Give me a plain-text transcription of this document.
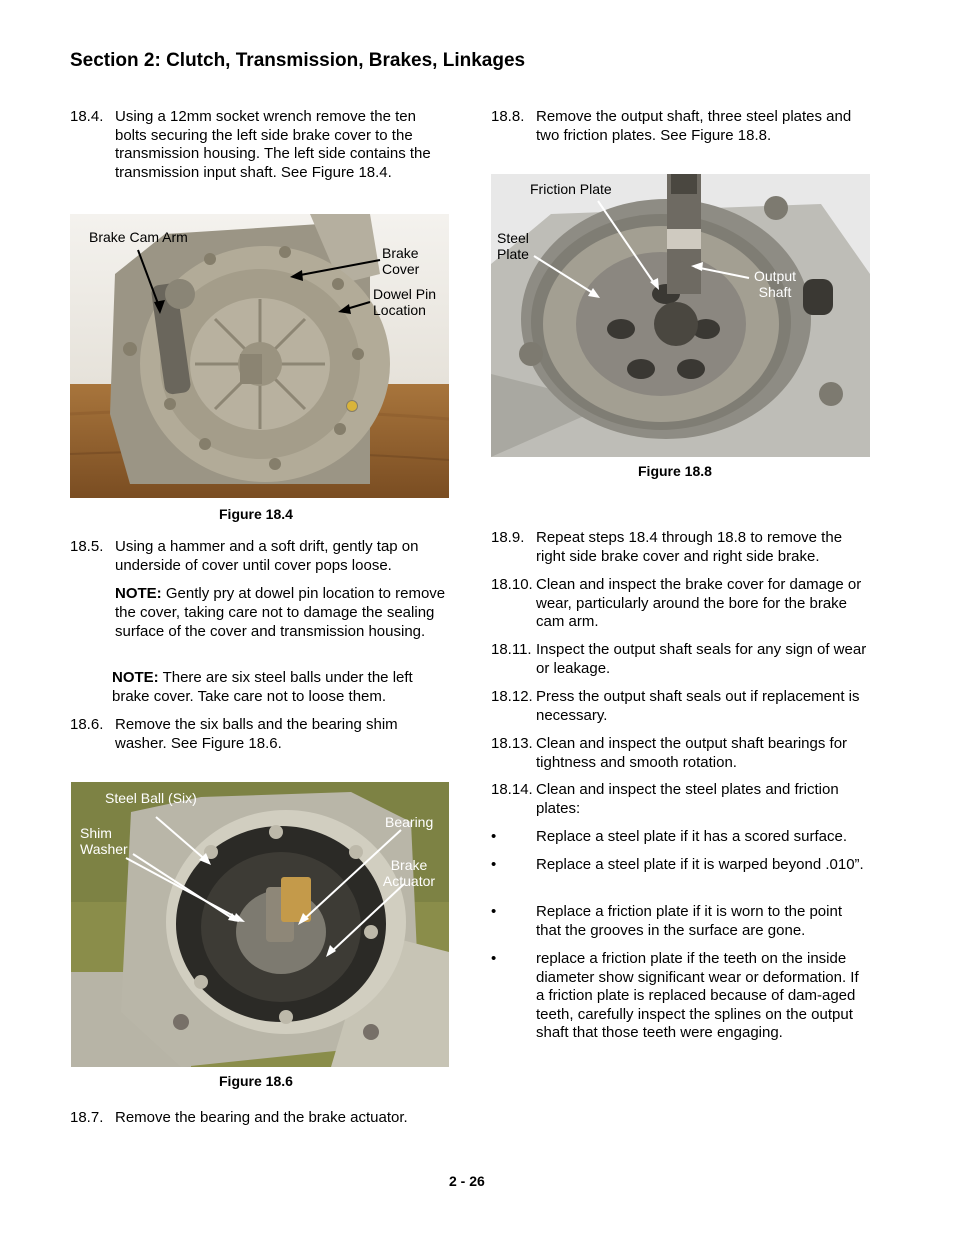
Section 2: Clutch, Transmission, Brakes, Linkages
18.4. Using a 12mm socket wrench remove the ten bolts securing the left side brake cover to the transmission housing. The left side contains the transmission input shaft. See Figure 18.4.
Brake Cam Arm
Brake Cover
Dowel Pin Location
Figure 18.4
18.5. Using a hammer and a soft drift, gently tap on underside of cover until cover pops loose.
NOTE: Gently pry at dowel pin location to remove the cover, taking care not to damage the sealing surface of the cover and transmission housing.
NOTE: There are six steel balls under the left brake cover. Take care not to loose them.
18.6. Remove the six balls and the bearing shim washer. See Figure 18.6.
Steel Ball (Six)
Shim Washer
Bearing
Brake Actuator
Figure 18.6
18.7. Remove the bearing and the brake actuator.
18.8. Remove the output shaft, three steel plates and two friction plates. See Figure 18.8.
Friction Plate
Steel Plate
Output Shaft
Figure 18.8
18.9. Repeat steps 18.4 through 18.8 to remove the right side brake cover and right side brake.
18.10. Clean and inspect the brake cover for damage or wear, particularly around the bore for the brake cam arm.
18.11. Inspect the output shaft seals for any sign of wear or leakage.
18.12. Press the output shaft seals out if replacement is necessary.
18.13. Clean and inspect the output shaft bearings for tightness and smooth rotation.
18.14. Clean and inspect the steel plates and friction plates:
•	Replace a steel plate if it has a scored surface.
•	Replace a steel plate if it is warped beyond .010”.
•	Replace a friction plate if it is worn to the point that the grooves in the surface are gone.
•	replace a friction plate if the teeth on the inside diameter show significant wear or deformation. If a friction plate is replaced because of dam-aged teeth, carefully inspect the splines on the output shaft that those teeth were engaging.
2 - 26
